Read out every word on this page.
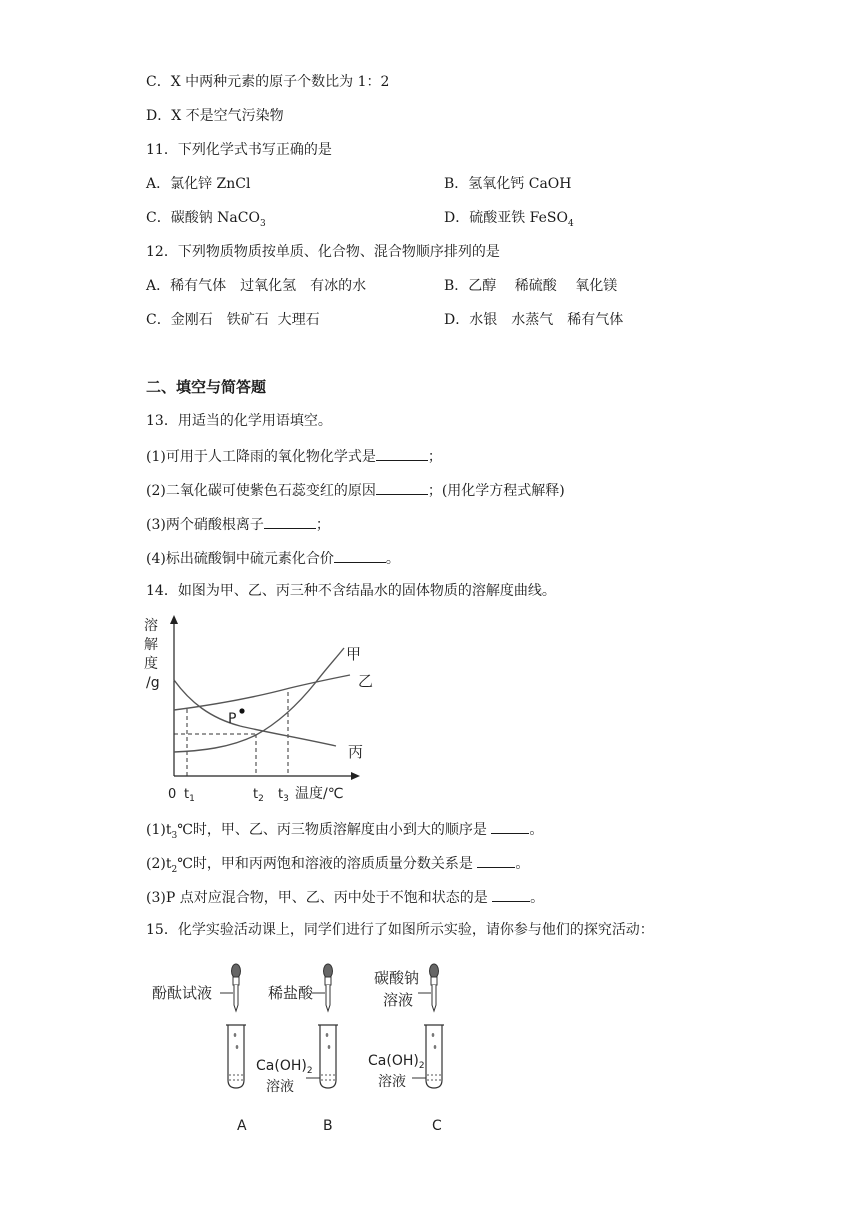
C．X 中两种元素的原子个数比为 1：2
D．X 不是空气污染物
11．下列化学式书写正确的是
A．氯化锌 ZnCl	B．氢氧化钙 CaOH
C．碳酸钠 NaCO$_3$	D．硫酸亚铁 FeSO$_4$
12．下列物质物质按单质、化合物、混合物顺序排列的是
A．稀有气体　过氧化氢　有冰的水	B．乙醇　 稀硫酸　 氧化镁
C．金刚石　铁矿石  大理石	D．水银　水蒸气　稀有气体
二、填空与简答题
13．用适当的化学用语填空。
(1)可用于人工降雨的氧化物化学式是	；
(2)二氧化碳可使紫色石蕊变红的原因	；(用化学方程式解释)
(3)两个硝酸根离子	；
(4)标出硫酸铜中硫元素化合价	。
14．如图为甲、乙、丙三种不含结晶水的固体物质的溶解度曲线。
溶
解
度
/g
P
甲
乙
丙
0 $t_1$	$t_2$ $t_3$ 温度/℃
$(1)t_3℃$时，甲、乙、丙三物质溶解度由小到大的顺序是	。
$(2)t_2℃$时，甲和丙两饱和溶液的溶质质量分数关系是	。
(3)P 点对应混合物，甲、乙、丙中处于不饱和状态的是	。
15．化学实验活动课上，同学们进行了如图所示实验，请你参与他们的探究活动：
酚酞试液	稀盐酸
碳酸钠
溶液
$Ca(OH)_2$
溶液
$Ca(OH)_2$
溶液
A	B	C
